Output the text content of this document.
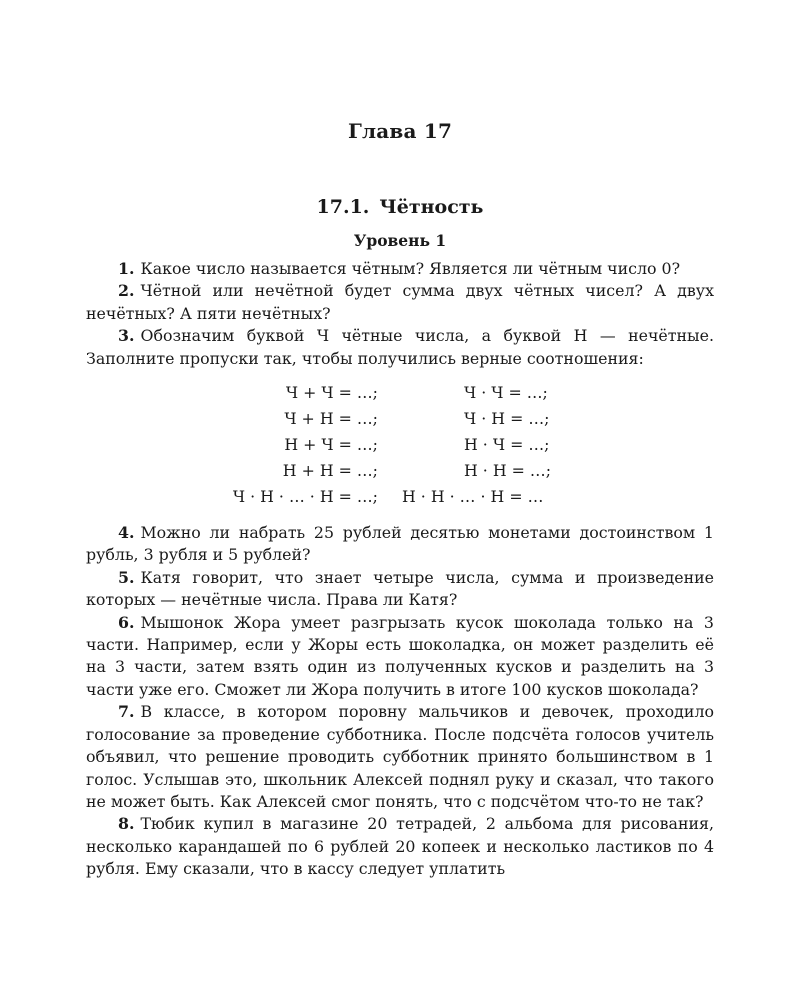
Глава 17
17.1. Чётность
Уровень 1

1. Какое число называется чётным? Является ли чётным число 0?

2. Чётной или нечётной будет сумма двух чётных чисел? А двух нечётных? А пяти нечётных?

3. Обозначим буквой Ч чётные числа, а буквой Н — нечётные. Заполните пропуски так, чтобы получились верные соотношения:

Ч + Ч = …;	Ч · Ч = …;
Ч + Н = …;	Ч · Н = …;
Н + Ч = …;	Н · Ч = …;
Н + Н = …;	Н · Н = …;
Ч · Н · … · Н = …;	Н · Н · … · Н = …

4. Можно ли набрать 25 рублей десятью монетами достоинством 1 рубль, 3 рубля и 5 рублей?

5. Катя говорит, что знает четыре числа, сумма и произведение которых — нечётные числа. Права ли Катя?

6. Мышонок Жора умеет разгрызать кусок шоколада только на 3 части. Например, если у Жоры есть шоколадка, он может разделить её на 3 части, затем взять один из полученных кусков и разделить на 3 части уже его. Сможет ли Жора получить в итоге 100 кусков шоколада?

7. В классе, в котором поровну мальчиков и девочек, проходило голосование за проведение субботника. После подсчёта голосов учитель объявил, что решение проводить субботник принято большинством в 1 голос. Услышав это, школьник Алексей поднял руку и сказал, что такого не может быть. Как Алексей смог понять, что с подсчётом что-то не так?

8. Тюбик купил в магазине 20 тетрадей, 2 альбома для рисования, несколько карандашей по 6 рублей 20 копеек и несколько ластиков по 4 рубля. Ему сказали, что в кассу следует уплатить
